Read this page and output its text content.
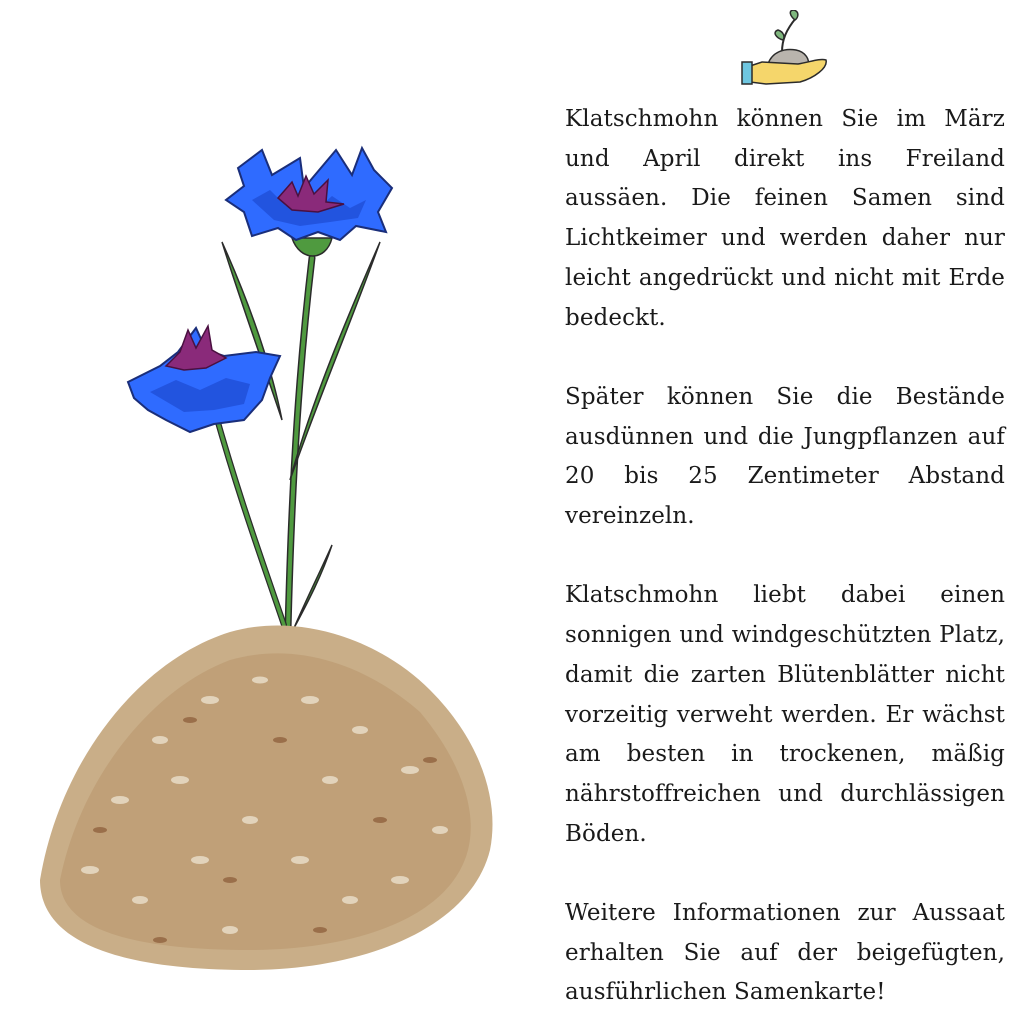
Klatschmohn können Sie im März und April direkt ins Freiland aussäen. Die feinen Samen sind Lichtkeimer und werden daher nur leicht angedrückt und nicht mit Erde bedeckt.

Später können Sie die Bestände ausdünnen und die Jungpflanzen auf 20 bis 25 Zentimeter Abstand vereinzeln.

Klatschmohn liebt dabei einen sonnigen und windgeschützten Platz, damit die zarten Blütenblätter nicht vorzeitig verweht werden. Er wächst am besten in trockenen, mäßig nährstoffreichen und durchlässigen Böden.

Weitere Informationen zur Aussaat erhalten Sie auf der beigefügten, ausführlichen Samenkarte!
